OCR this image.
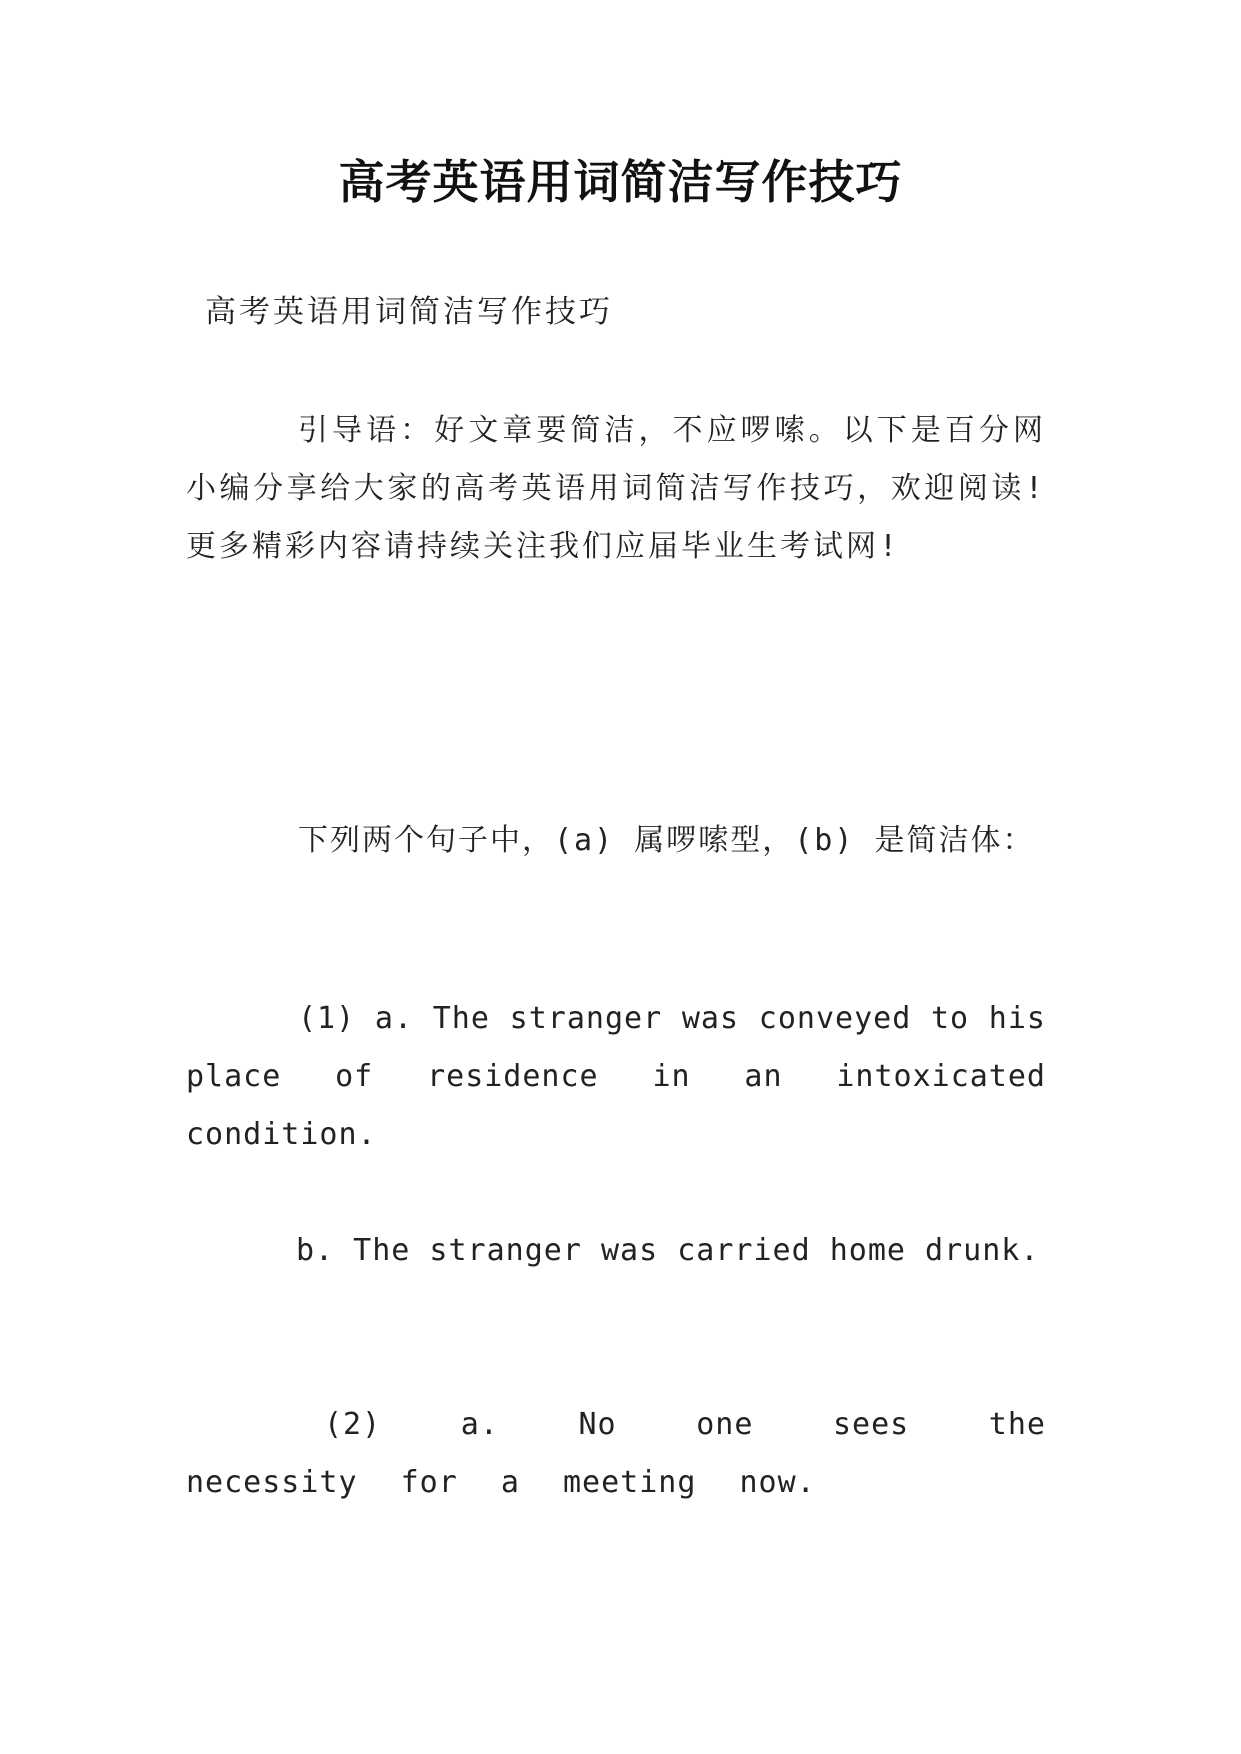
高考英语用词简洁写作技巧
高考英语用词简洁写作技巧
引导语：好文章要简洁，不应啰嗦。以下是百分网小编分享给大家的高考英语用词简洁写作技巧，欢迎阅读!更多精彩内容请持续关注我们应届毕业生考试网!
下列两个句子中，(a) 属啰嗦型，(b) 是简洁体：
(1) a. The stranger was conveyed to his place of residence in an intoxicated condition.
b. The stranger was carried home drunk.
(2) a. No one sees the necessity for a meeting now.
